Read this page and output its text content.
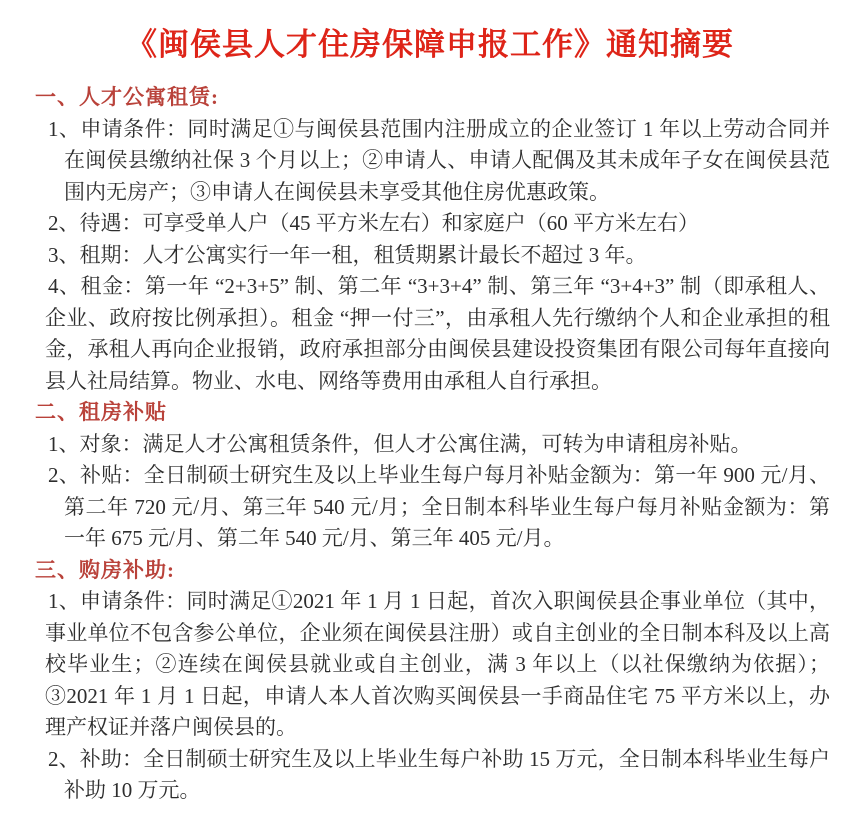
《闽侯县人才住房保障申报工作》通知摘要
一、人才公寓租赁:

1、申请条件：同时满足①与闽侯县范围内注册成立的企业签订 1 年以上劳动合同并在闽侯县缴纳社保 3 个月以上；②申请人、申请人配偶及其未成年子女在闽侯县范围内无房产；③申请人在闽侯县未享受其他住房优惠政策。

2、待遇：可享受单人户（45 平方米左右）和家庭户（60 平方米左右）

3、租期：人才公寓实行一年一租，租赁期累计最长不超过 3 年。

4、租金：第一年 “2+3+5” 制、第二年 “3+3+4” 制、第三年 “3+4+3” 制（即承租人、企业、政府按比例承担）。租金 “押一付三”，由承租人先行缴纳个人和企业承担的租金，承租人再向企业报销，政府承担部分由闽侯县建设投资集团有限公司每年直接向县人社局结算。物业、水电、网络等费用由承租人自行承担。

二、租房补贴

1、对象：满足人才公寓租赁条件，但人才公寓住满，可转为申请租房补贴。

2、补贴：全日制硕士研究生及以上毕业生每户每月补贴金额为：第一年 900 元/月、第二年 720 元/月、第三年 540 元/月；全日制本科毕业生每户每月补贴金额为：第一年 675 元/月、第二年 540 元/月、第三年 405 元/月。

三、购房补助:

1、申请条件：同时满足①2021 年 1 月 1 日起，首次入职闽侯县企事业单位（其中，事业单位不包含参公单位，企业须在闽侯县注册）或自主创业的全日制本科及以上高校毕业生；②连续在闽侯县就业或自主创业，满 3 年以上（以社保缴纳为依据）；③2021 年 1 月 1 日起，申请人本人首次购买闽侯县一手商品住宅 75 平方米以上，办理产权证并落户闽侯县的。

2、补助：全日制硕士研究生及以上毕业生每户补助 15 万元，全日制本科毕业生每户补助 10 万元。
